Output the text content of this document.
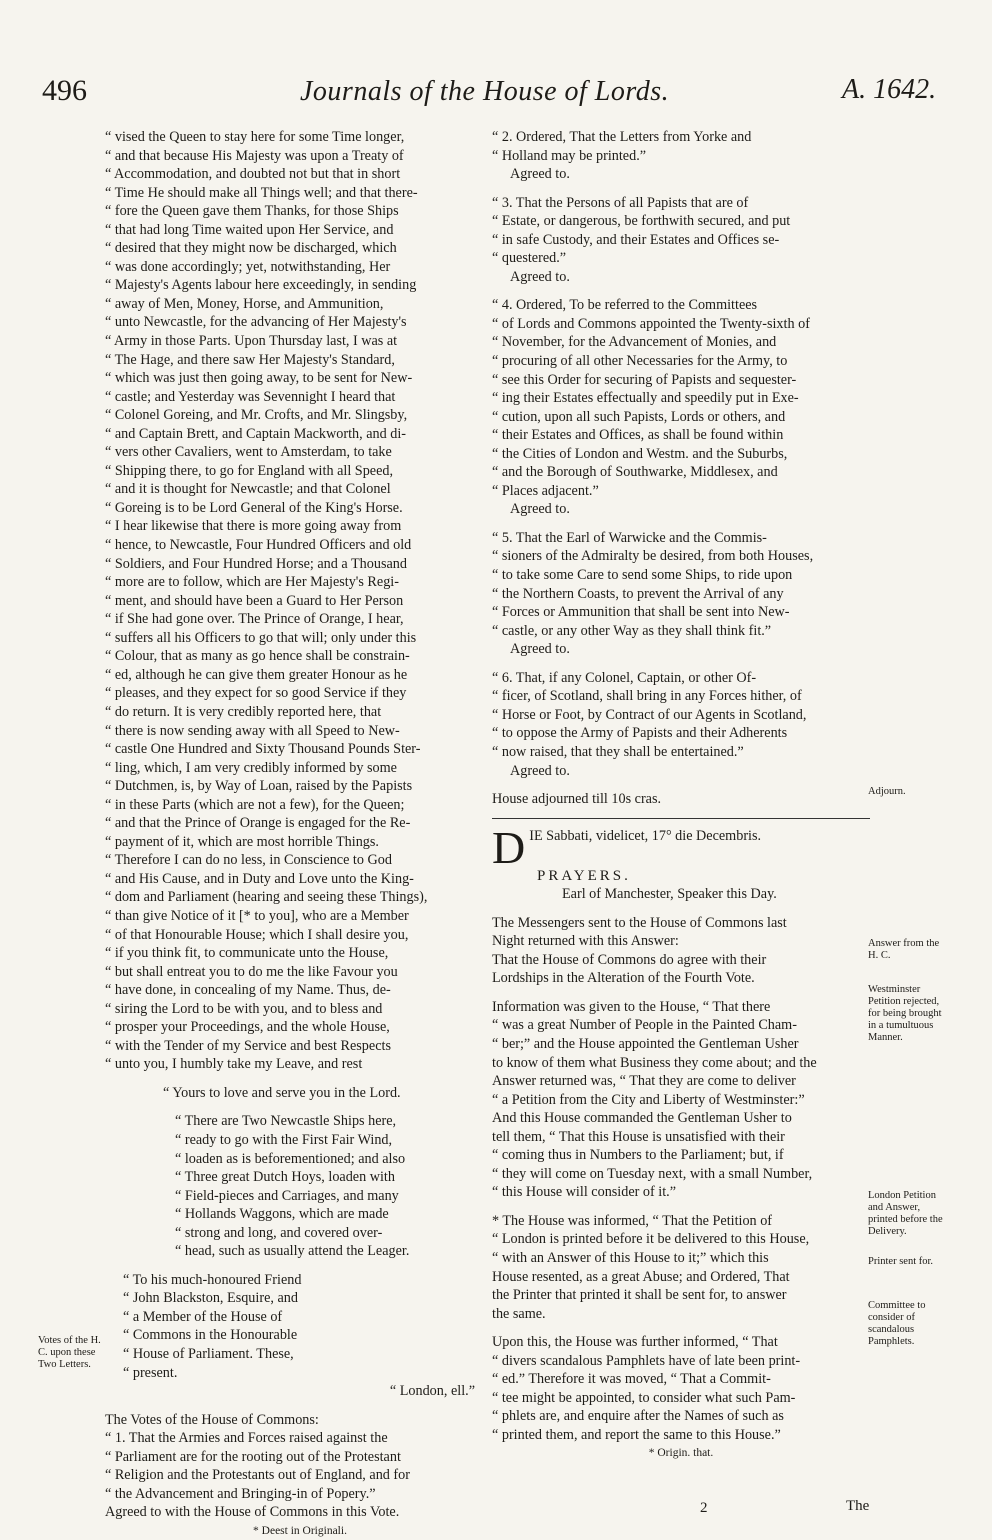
496	Journals of the House of Lords.	A. 1642.
“ vised the Queen to stay here for some Time longer,
“ and that because His Majesty was upon a Treaty of
“ Accommodation, and doubted not but that in short
“ Time He should make all Things well; and that there-
“ fore the Queen gave them Thanks, for those Ships
“ that had long Time waited upon Her Service, and
“ desired that they might now be discharged, which
“ was done accordingly; yet, notwithstanding, Her
“ Majesty's Agents labour here exceedingly, in sending
“ away of Men, Money, Horse, and Ammunition,
“ unto Newcastle, for the advancing of Her Majesty's
“ Army in those Parts. Upon Thursday last, I was at
“ The Hage, and there saw Her Majesty's Standard,
“ which was just then going away, to be sent for New-
“ castle; and Yesterday was Sevennight I heard that
“ Colonel Goreing, and Mr. Crofts, and Mr. Slingsby,
“ and Captain Brett, and Captain Mackworth, and di-
“ vers other Cavaliers, went to Amsterdam, to take
“ Shipping there, to go for England with all Speed,
“ and it is thought for Newcastle; and that Colonel
“ Goreing is to be Lord General of the King's Horse.
“ I hear likewise that there is more going away from
“ hence, to Newcastle, Four Hundred Officers and old
“ Soldiers, and Four Hundred Horse; and a Thousand
“ more are to follow, which are Her Majesty's Regi-
“ ment, and should have been a Guard to Her Person
“ if She had gone over. The Prince of Orange, I hear,
“ suffers all his Officers to go that will; only under this
“ Colour, that as many as go hence shall be constrain-
“ ed, although he can give them greater Honour as he
“ pleases, and they expect for so good Service if they
“ do return. It is very credibly reported here, that
“ there is now sending away with all Speed to New-
“ castle One Hundred and Sixty Thousand Pounds Ster-
“ ling, which, I am very credibly informed by some
“ Dutchmen, is, by Way of Loan, raised by the Papists
“ in these Parts (which are not a few), for the Queen;
“ and that the Prince of Orange is engaged for the Re-
“ payment of it, which are most horrible Things.
“ Therefore I can do no less, in Conscience to God
“ and His Cause, and in Duty and Love unto the King-
“ dom and Parliament (hearing and seeing these Things),
“ than give Notice of it [* to you], who are a Member
“ of that Honourable House; which I shall desire you,
“ if you think fit, to communicate unto the House,
“ but shall entreat you to do me the like Favour you
“ have done, in concealing of my Name. Thus, de-
“ siring the Lord to be with you, and to bless and
“ prosper your Proceedings, and the whole House,
“ with the Tender of my Service and best Respects
“ unto you, I humbly take my Leave, and rest

“ Yours to love and serve you in the Lord.

“ There are Two Newcastle Ships here,
“ ready to go with the First Fair Wind,
“ loaden as is beforementioned; and also
“ Three great Dutch Hoys, loaden with
“ Field-pieces and Carriages, and many
“ Hollands Waggons, which are made
“ strong and long, and covered over-
“ head, such as usually attend the Leager.
“ To his much-honoured Friend
“ John Blackston, Esquire, and
“ a Member of the House of
“ Commons in the Honourable
“ House of Parliament. These,
“ present.

“ London, ell.”

The Votes of the House of Commons:

“ 1. That the Armies and Forces raised against the
“ Parliament are for the rooting out of the Protestant
“ Religion and the Protestants out of England, and for
“ the Advancement and Bringing-in of Popery.”

Agreed to with the House of Commons in this Vote.

* Deest in Originali.

“ 2. Ordered, That the Letters from Yorke and
“ Holland may be printed.”

Agreed to.

“ 3. That the Persons of all Papists that are of
“ Estate, or dangerous, be forthwith secured, and put
“ in safe Custody, and their Estates and Offices se-
“ questered.”

Agreed to.

“ 4. Ordered, To be referred to the Committees
“ of Lords and Commons appointed the Twenty-sixth of
“ November, for the Advancement of Monies, and
“ procuring of all other Necessaries for the Army, to
“ see this Order for securing of Papists and sequester-
“ ing their Estates effectually and speedily put in Exe-
“ cution, upon all such Papists, Lords or others, and
“ their Estates and Offices, as shall be found within
“ the Cities of London and Westm. and the Suburbs,
“ and the Borough of Southwarke, Middlesex, and
“ Places adjacent.”

Agreed to.

“ 5. That the Earl of Warwicke and the Commis-
“ sioners of the Admiralty be desired, from both Houses,
“ to take some Care to send some Ships, to ride upon
“ the Northern Coasts, to prevent the Arrival of any
“ Forces or Ammunition that shall be sent into New-
“ castle, or any other Way as they shall think fit.”

Agreed to.

“ 6. That, if any Colonel, Captain, or other Of-
“ ficer, of Scotland, shall bring in any Forces hither, of
“ Horse or Foot, by Contract of our Agents in Scotland,
“ to oppose the Army of Papists and their Adherents
“ now raised, that they shall be entertained.”

Agreed to.

House adjourned till 10s cras.

DIE Sabbati, videlicet, 17° die Decembris.

PRAYERS.

Earl of Manchester, Speaker this Day.

The Messengers sent to the House of Commons last
Night returned with this Answer:
That the House of Commons do agree with their
Lordships in the Alteration of the Fourth Vote.
Information was given to the House, “ That there
“ was a great Number of People in the Painted Cham-
“ ber;” and the House appointed the Gentleman Usher
to know of them what Business they come about; and the
Answer returned was, “ That they are come to deliver
“ a Petition from the City and Liberty of Westminster:”
And this House commanded the Gentleman Usher to
tell them, “ That this House is unsatisfied with their
“ coming thus in Numbers to the Parliament; but, if
“ they will come on Tuesday next, with a small Number,
“ this House will consider of it.”
* The House was informed, “ That the Petition of
“ London is printed before it be delivered to this House,
“ with an Answer of this House to it;” which this
House resented, as a great Abuse; and Ordered, That
the Printer that printed it shall be sent for, to answer
the same.
Upon this, the House was further informed, “ That
“ divers scandalous Pamphlets have of late been print-
“ ed.” Therefore it was moved, “ That a Commit-
“ tee might be appointed, to consider what such Pam-
“ phlets are, and enquire after the Names of such as
“ printed them, and report the same to this House.”

* Origin. that.

Votes of the H. C. upon these Two Letters.
Adjourn.
Answer from the H. C.
Westminster Petition rejected, for being brought in a tumultuous Manner.
London Petition and Answer, printed before the Delivery.
Printer sent for.
Committee to consider of scandalous Pamphlets.
2	The
